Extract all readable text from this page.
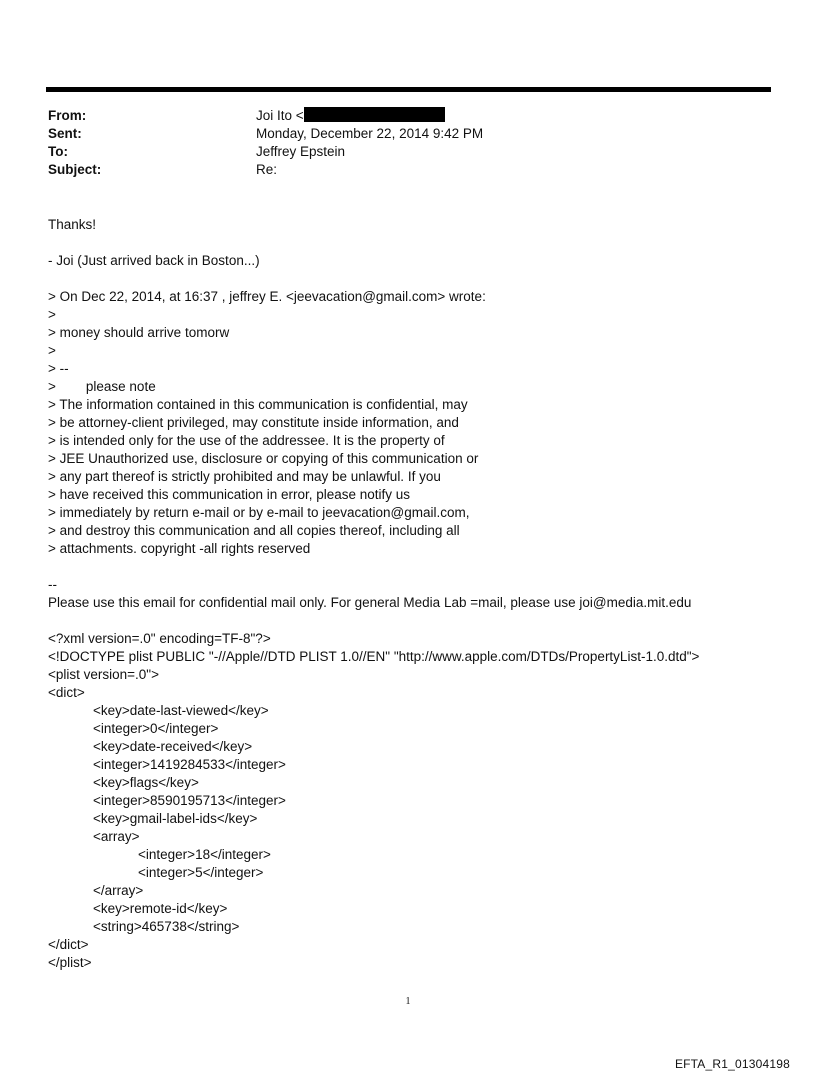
From:	Joi Ito <
Sent:	Monday, December 22, 2014 9:42 PM
To:	Jeffrey Epstein
Subject:	Re:
Thanks!
- Joi (Just arrived back in Boston...)
> On Dec 22, 2014, at 16:37 , jeffrey E. <jeevacation@gmail.com> wrote:
>
> money should arrive tomorw
>
> --
>        please note
> The information contained in this communication is confidential, may
> be attorney-client privileged, may constitute inside information, and
> is intended only for the use of the addressee. It is the property of
> JEE Unauthorized use, disclosure or copying of this communication or
> any part thereof is strictly prohibited and may be unlawful. If you
> have received this communication in error, please notify us
> immediately by return e-mail or by e-mail to jeevacation@gmail.com,
> and destroy this communication and all copies thereof, including all
> attachments. copyright -all rights reserved
--
Please use this email for confidential mail only. For general Media Lab =mail, please use joi@media.mit.edu
<?xml version=.0" encoding=TF-8"?>
<!DOCTYPE plist PUBLIC "-//Apple//DTD PLIST 1.0//EN" "http://www.apple.com/DTDs/PropertyList-1.0.dtd">
<plist version=.0">
<dict>
<key>date-last-viewed</key>
<integer>0</integer>
<key>date-received</key>
<integer>1419284533</integer>
<key>flags</key>
<integer>8590195713</integer>
<key>gmail-label-ids</key>
<array>
<integer>18</integer>
<integer>5</integer>
</array>
<key>remote-id</key>
<string>465738</string>
</dict>
</plist>
1
EFTA_R1_01304198
